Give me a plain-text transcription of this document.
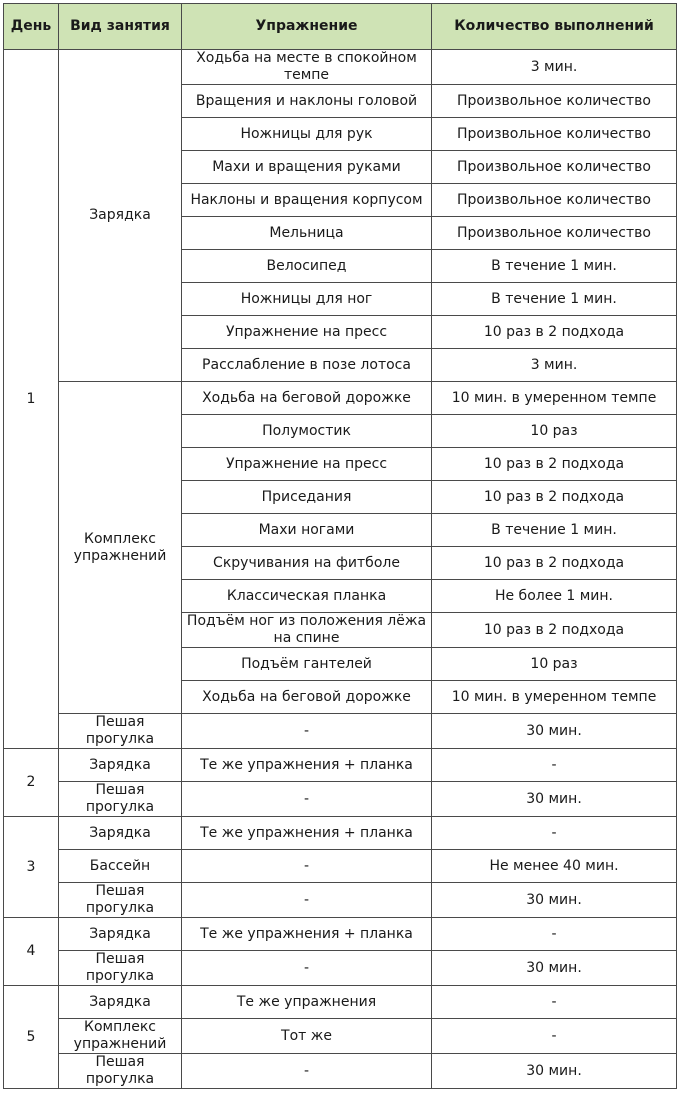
День	Вид занятия	Упражнение	Количество выполнений
1	Зарядка	Ходьба на месте в спокойном темпе	3 мин.
		Вращения и наклоны головой	Произвольное количество
		Ножницы для рук	Произвольное количество
		Махи и вращения руками	Произвольное количество
		Наклоны и вращения корпусом	Произвольное количество
		Мельница	Произвольное количество
		Велосипед	В течение 1 мин.
		Ножницы для ног	В течение 1 мин.
		Упражнение на пресс	10 раз в 2 подхода
		Расслабление в позе лотоса	3 мин.
	Комплекс упражнений	Ходьба на беговой дорожке	10 мин. в умеренном темпе
		Полумостик	10 раз
		Упражнение на пресс	10 раз в 2 подхода
		Приседания	10 раз в 2 подхода
		Махи ногами	В течение 1 мин.
		Скручивания на фитболе	10 раз в 2 подхода
		Классическая планка	Не более 1 мин.
		Подъём ног из положения лёжа на спине	10 раз в 2 подхода
		Подъём гантелей	10 раз
		Ходьба на беговой дорожке	10 мин. в умеренном темпе
	Пешая прогулка	-	30 мин.
2	Зарядка	Те же упражнения + планка	-
	Пешая прогулка	-	30 мин.
3	Зарядка	Те же упражнения + планка	-
	Бассейн	-	Не менее 40 мин.
	Пешая прогулка	-	30 мин.
4	Зарядка	Те же упражнения + планка	-
	Пешая прогулка	-	30 мин.
5	Зарядка	Те же упражнения	-
	Комплекс упражнений	Тот же	-
	Пешая прогулка	-	30 мин.
